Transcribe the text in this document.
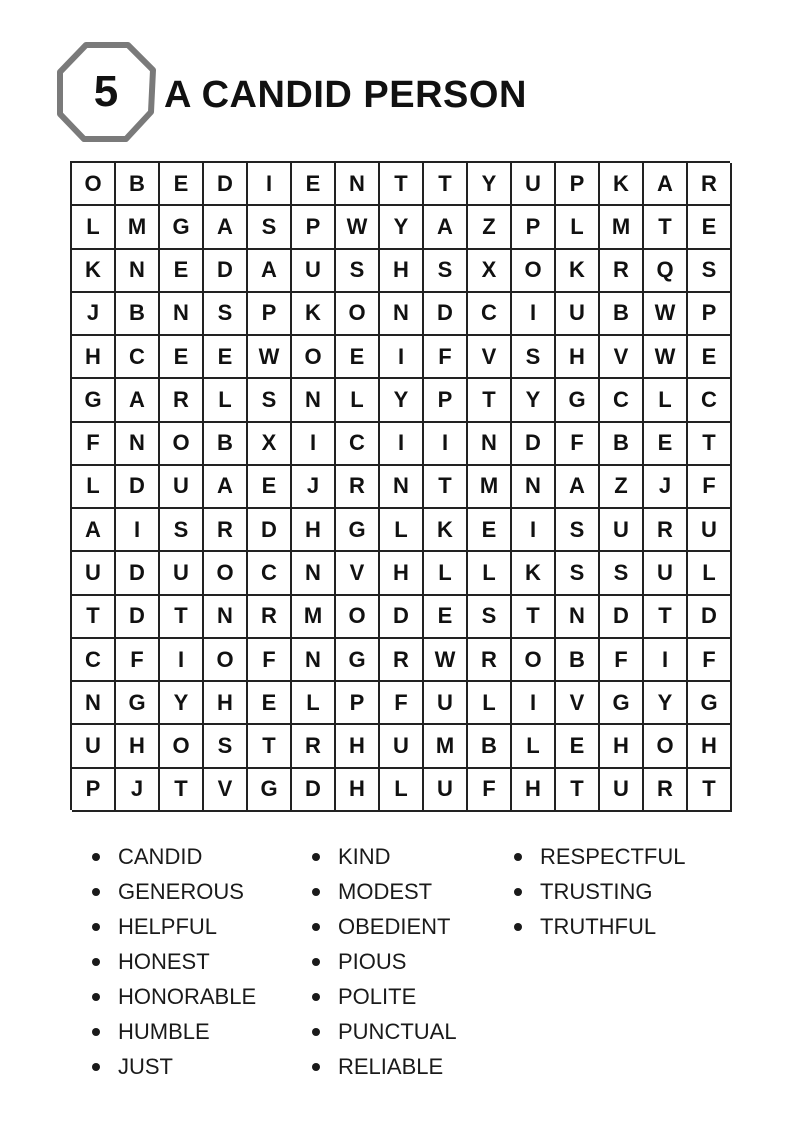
5	A CANDID PERSON
O	B	E	D	I	E	N	T	T	Y	U	P	K	A	R
L	M	G	A	S	P	W	Y	A	Z	P	L	M	T	E
K	N	E	D	A	U	S	H	S	X	O	K	R	Q	S
J	B	N	S	P	K	O	N	D	C	I	U	B	W	P
H	C	E	E	W	O	E	I	F	V	S	H	V	W	E
G	A	R	L	S	N	L	Y	P	T	Y	G	C	L	C
F	N	O	B	X	I	C	I	I	N	D	F	B	E	T
L	D	U	A	E	J	R	N	T	M	N	A	Z	J	F
A	I	S	R	D	H	G	L	K	E	I	S	U	R	U
U	D	U	O	C	N	V	H	L	L	K	S	S	U	L
T	D	T	N	R	M	O	D	E	S	T	N	D	T	D
C	F	I	O	F	N	G	R	W	R	O	B	F	I	F
N	G	Y	H	E	L	P	F	U	L	I	V	G	Y	G
U	H	O	S	T	R	H	U	M	B	L	E	H	O	H
P	J	T	V	G	D	H	L	U	F	H	T	U	R	T
CANDID
GENEROUS
HELPFUL
HONEST
HONORABLE
HUMBLE
JUST
KIND
MODEST
OBEDIENT
PIOUS
POLITE
PUNCTUAL
RELIABLE
RESPECTFUL
TRUSTING
TRUTHFUL
